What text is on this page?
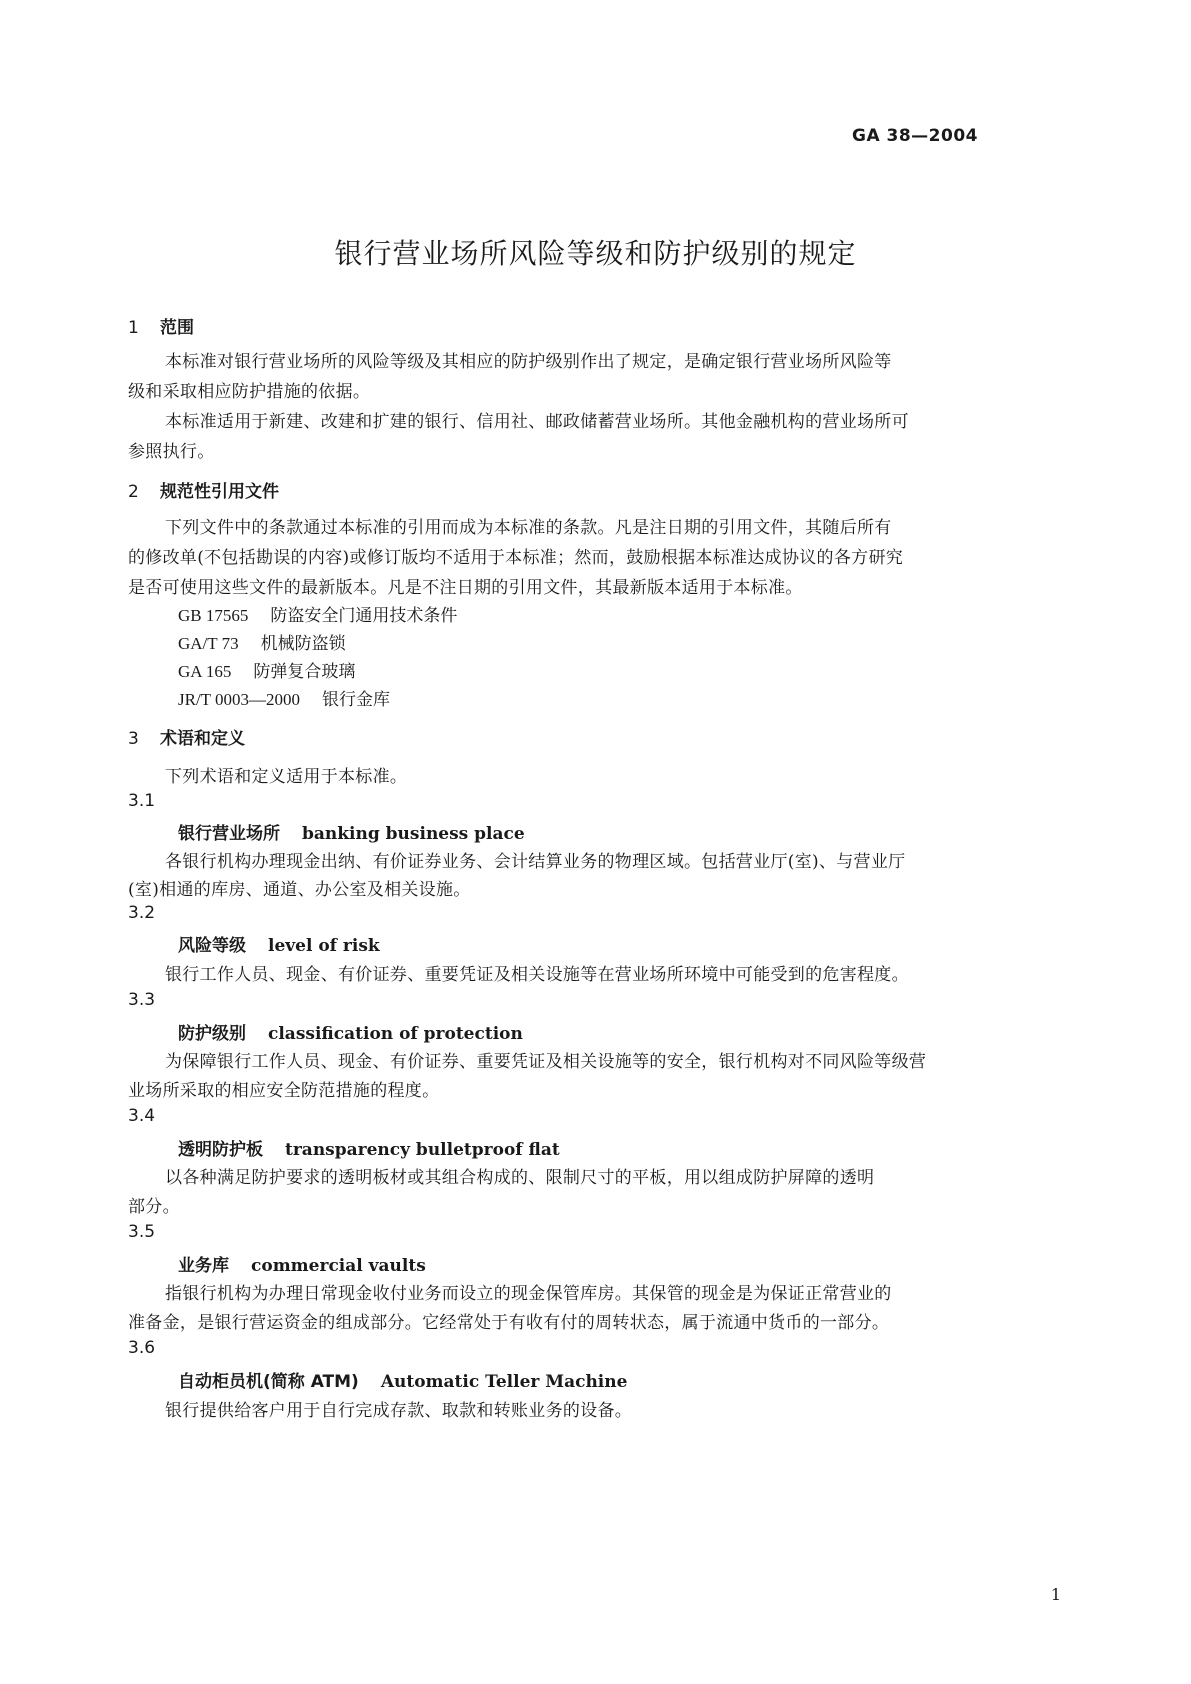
GA 38—2004
银行营业场所风险等级和防护级别的规定
1 范围
本标准对银行营业场所的风险等级及其相应的防护级别作出了规定，是确定银行营业场所风险等
级和采取相应防护措施的依据。
本标准适用于新建、改建和扩建的银行、信用社、邮政储蓄营业场所。其他金融机构的营业场所可
参照执行。
2 规范性引用文件
下列文件中的条款通过本标准的引用而成为本标准的条款。凡是注日期的引用文件，其随后所有
的修改单(不包括勘误的内容)或修订版均不适用于本标准；然而，鼓励根据本标准达成协议的各方研究
是否可使用这些文件的最新版本。凡是不注日期的引用文件，其最新版本适用于本标准。
GB 17565 防盗安全门通用技术条件
GA/T 73 机械防盗锁
GA 165 防弹复合玻璃
JR/T 0003—2000 银行金库
3 术语和定义
下列术语和定义适用于本标准。
3.1
银行营业场所 banking business place
各银行机构办理现金出纳、有价证券业务、会计结算业务的物理区域。包括营业厅(室)、与营业厅
(室)相通的库房、通道、办公室及相关设施。
3.2
风险等级 level of risk
银行工作人员、现金、有价证券、重要凭证及相关设施等在营业场所环境中可能受到的危害程度。
3.3
防护级别 classification of protection
为保障银行工作人员、现金、有价证券、重要凭证及相关设施等的安全，银行机构对不同风险等级营
业场所采取的相应安全防范措施的程度。
3.4
透明防护板 transparency bulletproof flat
以各种满足防护要求的透明板材或其组合构成的、限制尺寸的平板，用以组成防护屏障的透明
部分。
3.5
业务库 commercial vaults
指银行机构为办理日常现金收付业务而设立的现金保管库房。其保管的现金是为保证正常营业的
准备金，是银行营运资金的组成部分。它经常处于有收有付的周转状态，属于流通中货币的一部分。
3.6
自动柜员机(简称 ATM) Automatic Teller Machine
银行提供给客户用于自行完成存款、取款和转账业务的设备。
1
